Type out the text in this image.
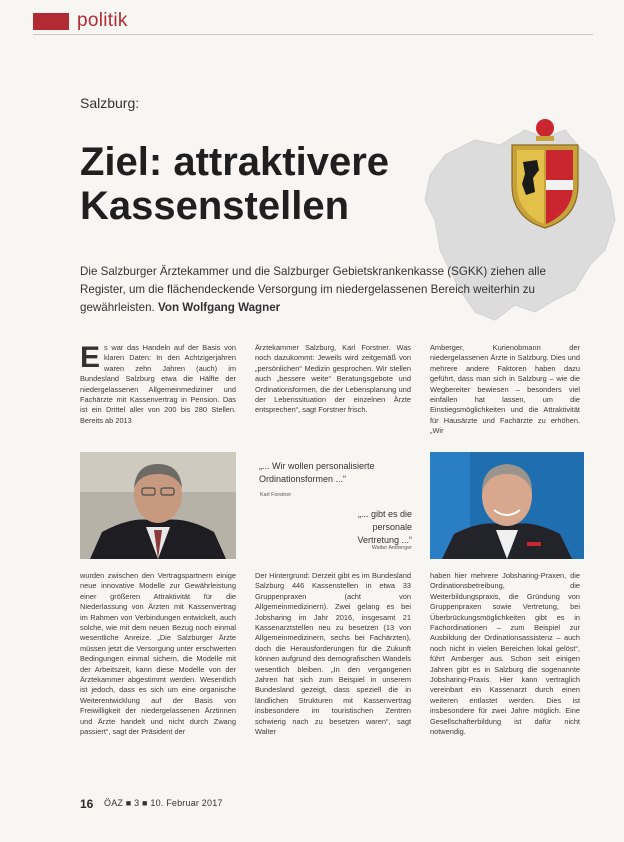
politik
Salzburg:
Ziel: attraktivere
Kassenstellen
Die Salzburger Ärztekammer und die Salzburger Gebietskrankenkasse (SGKK) ziehen alle Register, um die flächendeckende Versorgung im niedergelassenen Bereich weiterhin zu gewährleisten. Von Wolfgang Wagner
E s war das Handeln auf der Basis von klaren Daten: In den Achtzigerjahren waren zehn Jahren (auch) im Bundesland Salzburg etwa die Hälfte der niedergelassenen Allgemeinmediziner und Fachärzte mit Kassenvertrag in Pension. Das ist ein Drittel aller von 200 bis 280 Stellen. Bereits ab 2013
Ärztekammer Salzburg, Karl Forstner. Was noch dazukommt: Jeweils wird zeitgemäß von „persönlichen“ Medizin gesprochen. Wir stellen auch „bessere weite“ Beratungsgebote und Ordinationsformen, die der Lebensplanung und der Lebenssituation der einzelnen Ärzte entsprechen“, sagt Forstner frisch.
Amberger, Kurienobmann der niedergelassenen Ärzte in Salzburg. Dies und mehrere andere Faktoren haben dazu geführt, dass man sich in Salzburg – wie die Wegbereiter bewiesen – besonders viel einfallen hat lassen, um die Einstiegsmöglichkeiten und die Attraktivität für Hausärzte und Fachärzte zu erhöhen. „Wir
„... Wir wollen personalisierte Ordinationsformen ...“
Karl Forstner
„... gibt es die personale Vertretung ...“
Walter Amberger
wurden zwischen den Vertragspartnern einige neue innovative Modelle zur Gewährleistung einer größeren Attraktivität für die Niederlassung von Ärzten mit Kassenvertrag im Rahmen von Verbindungen entwickelt, auch solche, wie mit dem neuen Bezug noch einmal wesentliche Anreize. „Die Salzburger Ärzte müssen jetzt die Versorgung unter erschwerten Bedingungen einmal sichern, die Modelle mit der Arbeitszeit, kann diese Modelle von der Ärztekammer abgestimmt werden. Wesentlich ist jedoch, dass es sich um eine organische Weiterentwicklung auf der Basis von Freiwilligkeit der niedergelassenen Ärztinnen und Ärzte handelt und nicht durch Zwang passiert“, sagt der Präsident der
Der Hintergrund: Derzeit gibt es im Bundesland Salzburg 446 Kassenstellen in etwa 33 Gruppenpraxen (acht von Allgemeinmedizinern). Zwei gelang es bei Jobsharing im Jahr 2016, insgesamt 21 Kassenarztstellen neu zu besetzen (13 von Allgemeinmedizinern, sechs bei Fachärzten), doch die Herausforderungen für die Zukunft können aufgrund des demografischen Wandels wesentlich bleiben. „In den vergangenen Jahren hat sich zum Beispiel in unserem Bundesland gezeigt, dass speziell die in ländlichen Strukturen mit Kassenvertrag insbesondere im touristischen Zentren schwierig nach zu besetzen waren“, sagt Walter
haben hier mehrere Jobsharing-Praxen, die Ordinationsbetreibung, die Weiterbildungspraxis, die Gründung von Gruppenpraxen sowie Vertretung, bei Überbrückungsmöglichkeiten gibt es in Fachordinationen – zum Beispiel zur Ausbildung der Ordinationsassistenz – auch noch nicht in vielen Bereichen lokal gelöst“, führt Amberger aus. Schon seit einigen Jahren gibt es in Salzburg die sogenannte Jobsharing-Praxis. Hier kann vertraglich vereinbart ein Kassenarzt durch einen weiteren entlastet werden. Dies ist insbesondere für zwei Jahre möglich. Eine Gesellschafterbildung ist dafür nicht notwendig.
16 ÖAZ ■ 3 ■ 10. Februar 2017
